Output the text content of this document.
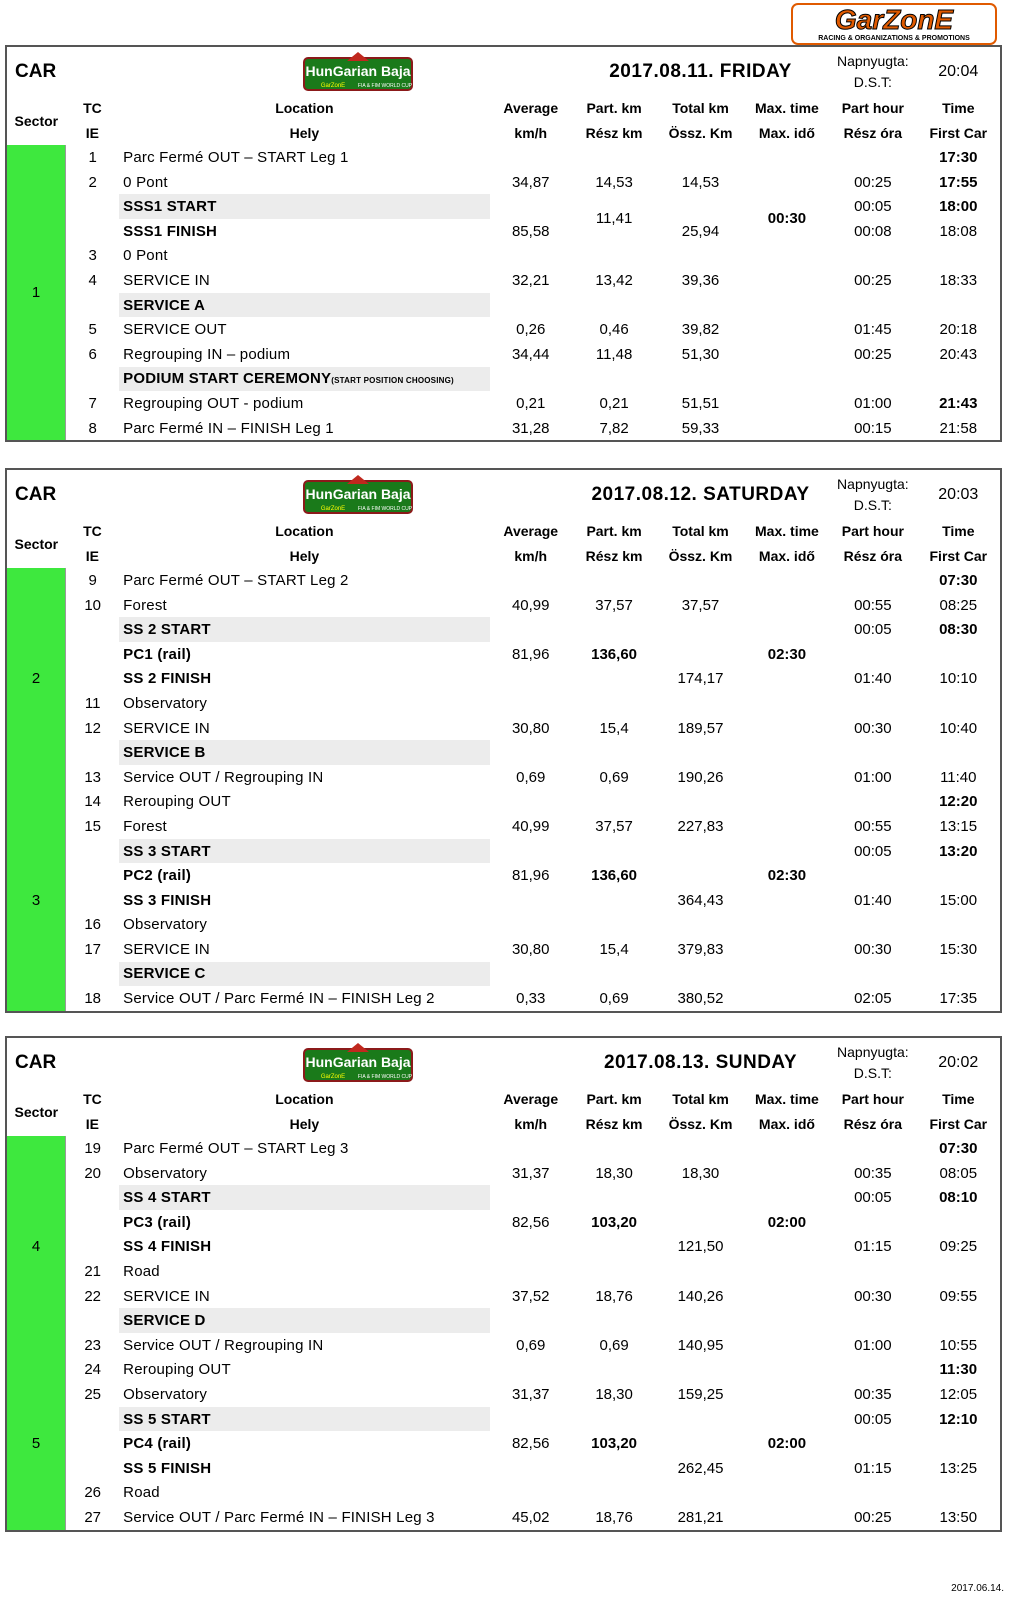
GarZonE
RACING & ORGANIZATIONS & PROMOTIONS
CAR		HunGarian Baja
GarZonE FIA & FIM WORLD CUP		2017.08.11. FRIDAY			Napnyugta:
D.S.T:	20:04
Sector	TC	Location	Average	Part. km	Total km	Max. time	Part hour	Time
	IE	Hely	km/h	Rész km	Össz. Km	Max. idő	Rész óra	First Car
1	1	Parc Fermé OUT – START Leg 1						17:30
	2	0 Pont	34,87	14,53	14,53		00:25	17:55
		SSS1 START		11,41		00:30	00:05	18:00
		SSS1 FINISH	85,58		25,94		00:08	18:08
	3	0 Pont						
	4	SERVICE IN	32,21	13,42	39,36		00:25	18:33
		SERVICE A						
	5	SERVICE OUT	0,26	0,46	39,82		01:45	20:18
	6	Regrouping IN – podium	34,44	11,48	51,30		00:25	20:43
		PODIUM START CEREMONY(START POSITION CHOOSING)						
	7	Regrouping OUT - podium	0,21	0,21	51,51		01:00	21:43
	8	Parc Fermé IN – FINISH Leg 1	31,28	7,82	59,33		00:15	21:58
CAR		HunGarian Baja
GarZonE FIA & FIM WORLD CUP		2017.08.12. SATURDAY			Napnyugta:
D.S.T:	20:03
Sector	TC	Location	Average	Part. km	Total km	Max. time	Part hour	Time
	IE	Hely	km/h	Rész km	Össz. Km	Max. idő	Rész óra	First Car
2	9	Parc Fermé OUT – START Leg 2						07:30
	10	Forest	40,99	37,57	37,57		00:55	08:25
		SS 2 START					00:05	08:30
		PC1 (rail)	81,96	136,60		02:30		
		SS 2 FINISH			174,17		01:40	10:10
	11	Observatory						
	12	SERVICE IN	30,80	15,4	189,57		00:30	10:40
		SERVICE B						
	13	Service OUT / Regrouping IN	0,69	0,69	190,26		01:00	11:40
3	14	Rerouping OUT						12:20
	15	Forest	40,99	37,57	227,83		00:55	13:15
		SS 3 START					00:05	13:20
		PC2 (rail)	81,96	136,60		02:30		
		SS 3 FINISH			364,43		01:40	15:00
	16	Observatory						
	17	SERVICE IN	30,80	15,4	379,83		00:30	15:30
		SERVICE C						
	18	Service OUT / Parc Fermé IN – FINISH Leg 2	0,33	0,69	380,52		02:05	17:35
CAR		HunGarian Baja
GarZonE FIA & FIM WORLD CUP		2017.08.13. SUNDAY			Napnyugta:
D.S.T:	20:02
Sector	TC	Location	Average	Part. km	Total km	Max. time	Part hour	Time
	IE	Hely	km/h	Rész km	Össz. Km	Max. idő	Rész óra	First Car
4	19	Parc Fermé OUT – START Leg 3						07:30
	20	Observatory	31,37	18,30	18,30		00:35	08:05
		SS 4 START					00:05	08:10
		PC3 (rail)	82,56	103,20		02:00		
		SS 4 FINISH			121,50		01:15	09:25
	21	Road						
	22	SERVICE IN	37,52	18,76	140,26		00:30	09:55
		SERVICE D						
	23	Service OUT / Regrouping IN	0,69	0,69	140,95		01:00	10:55
5	24	Rerouping OUT						11:30
	25	Observatory	31,37	18,30	159,25		00:35	12:05
		SS 5 START					00:05	12:10
		PC4 (rail)	82,56	103,20		02:00		
		SS 5 FINISH			262,45		01:15	13:25
	26	Road						
	27	Service OUT / Parc Fermé IN – FINISH Leg 3	45,02	18,76	281,21		00:25	13:50
2017.06.14.
